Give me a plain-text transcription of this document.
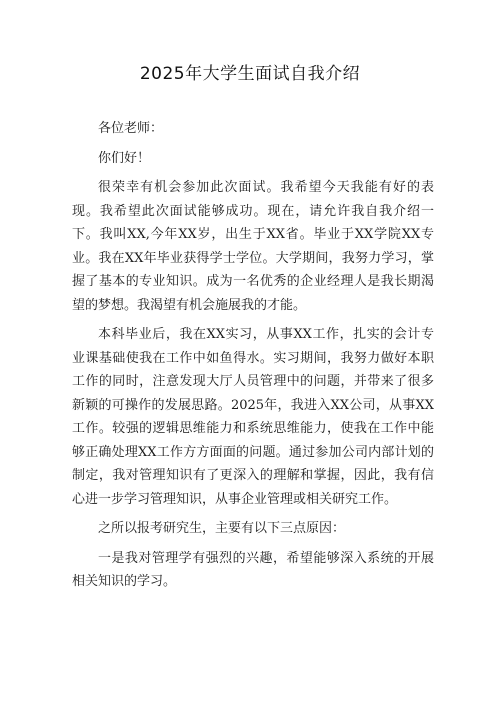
2025年大学生面试自我介绍

各位老师：

你们好！

很荣幸有机会参加此次面试。我希望今天我能有好的表现。我希望此次面试能够成功。现在，请允许我自我介绍一下。我叫XX,今年XX岁，出生于XX省。毕业于XX学院XX专业。我在XX年毕业获得学士学位。大学期间，我努力学习，掌握了基本的专业知识。成为一名优秀的企业经理人是我长期渴望的梦想。我渴望有机会施展我的才能。

本科毕业后，我在XX实习，从事XX工作，扎实的会计专业课基础使我在工作中如鱼得水。实习期间，我努力做好本职工作的同时，注意发现大厅人员管理中的问题，并带来了很多新颖的可操作的发展思路。2025年，我进入XX公司，从事XX工作。较强的逻辑思维能力和系统思维能力，使我在工作中能够正确处理XX工作方方面面的问题。通过参加公司内部计划的制定，我对管理知识有了更深入的理解和掌握，因此，我有信心进一步学习管理知识，从事企业管理或相关研究工作。

之所以报考研究生，主要有以下三点原因：

一是我对管理学有强烈的兴趣，希望能够深入系统的开展相关知识的学习。
